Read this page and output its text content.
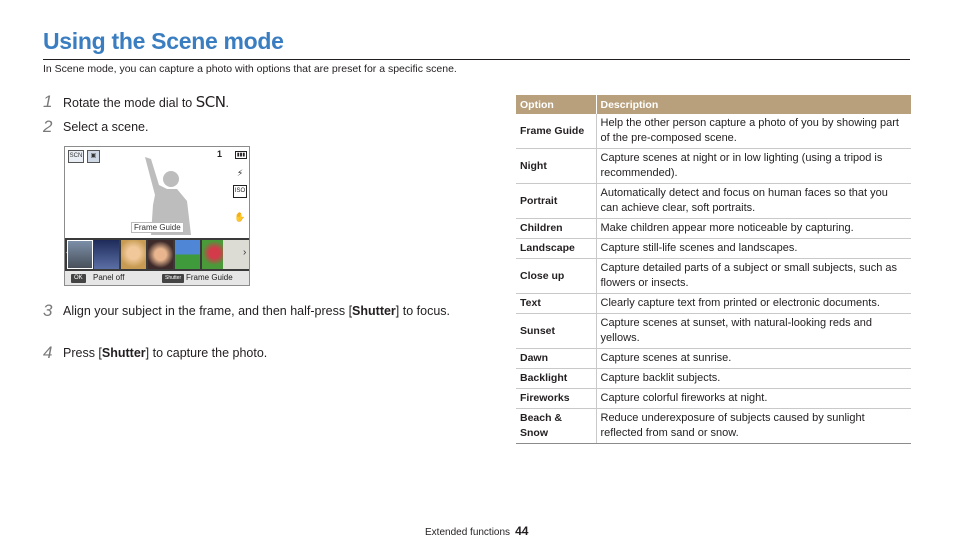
Using the Scene mode
In Scene mode, you can capture a photo with options that are preset for a specific scene.
1 Rotate the mode dial to SCN.
2 Select a scene.
SCN	▣	1	▮▮▮
⚡
ISO
✋
Frame Guide
›
OK	Panel off	Shutter Frame Guide
3 Align your subject in the frame, and then half-press [Shutter] to focus.
4 Press [Shutter] to capture the photo.
Option	Description
Frame Guide	Help the other person capture a photo of you by showing part of the pre-composed scene.
Night	Capture scenes at night or in low lighting (using a tripod is recommended).
Portrait	Automatically detect and focus on human faces so that you can achieve clear, soft portraits.
Children	Make children appear more noticeable by capturing.
Landscape	Capture still-life scenes and landscapes.
Close up	Capture detailed parts of a subject or small subjects, such as flowers or insects.
Text	Clearly capture text from printed or electronic documents.
Sunset	Capture scenes at sunset, with natural-looking reds and yellows.
Dawn	Capture scenes at sunrise.
Backlight	Capture backlit subjects.
Fireworks	Capture colorful fireworks at night.
Beach & Snow	Reduce underexposure of subjects caused by sunlight reflected from sand or snow.
Extended functions 44
